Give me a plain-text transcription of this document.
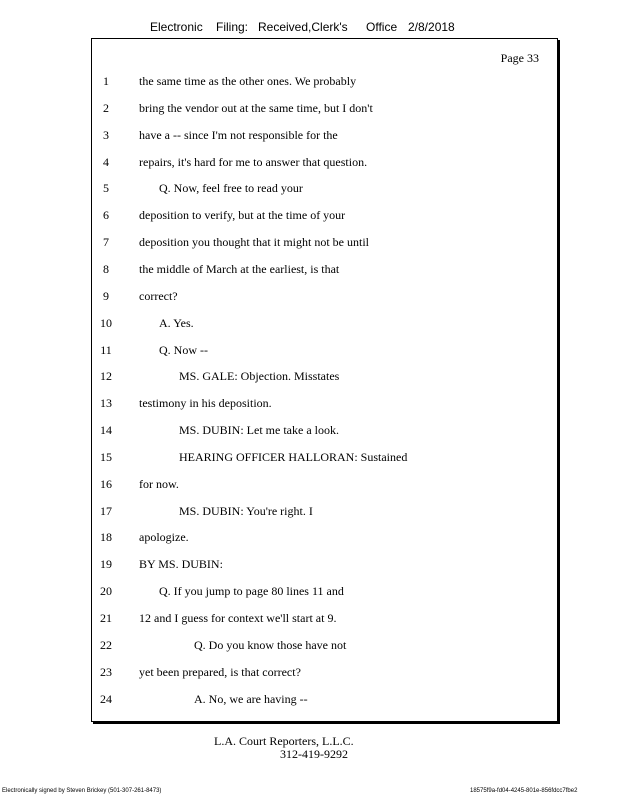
Electronic Filing: Received,Clerk's Office 2/8/2018
Page 33
1	the same time as the other ones. We probably
2	bring the vendor out at the same time, but I don't
3	have a -- since I'm not responsible for the
4	repairs, it's hard for me to answer that question.
5	Q. Now, feel free to read your
6	deposition to verify, but at the time of your
7	deposition you thought that it might not be until
8	the middle of March at the earliest, is that
9	correct?
10	A. Yes.
11	Q. Now --
12	MS. GALE: Objection. Misstates
13	testimony in his deposition.
14	MS. DUBIN: Let me take a look.
15	HEARING OFFICER HALLORAN: Sustained
16	for now.
17	MS. DUBIN: You're right. I
18	apologize.
19	BY MS. DUBIN:
20	Q. If you jump to page 80 lines 11 and
21	12 and I guess for context we'll start at 9.
22	Q. Do you know those have not
23	yet been prepared, is that correct?
24	A. No, we are having --
L.A. Court Reporters, L.L.C.
312-419-9292
Electronically signed by Steven Brickey (501-307-261-8473)	18575f9a-fd04-4245-801e-856fdcc7fbe2
